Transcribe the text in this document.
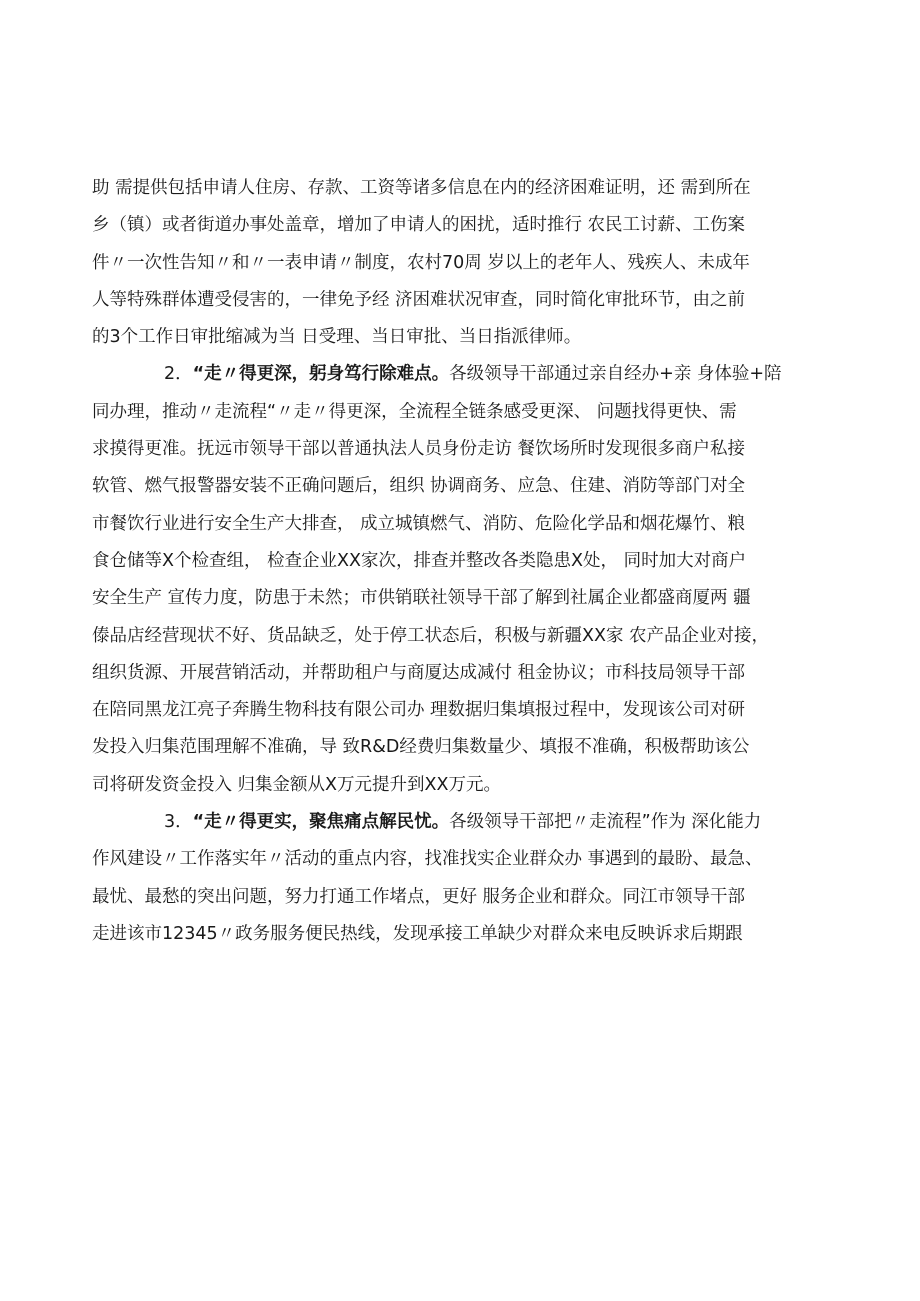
助 需提供包括申请人住房、存款、工资等诸多信息在内的经济困难证明，还 需到所在
乡（镇）或者街道办事处盖章，增加了申请人的困扰，适时推行 农民工讨薪、工伤案
件〃一次性告知〃和〃一表申请〃制度，农村70周 岁以上的老年人、残疾人、未成年
人等特殊群体遭受侵害的，一律免予经 济困难状况审查，同时简化审批环节，由之前
的3个工作日审批缩减为当 日受理、当日审批、当日指派律师。
2．“走〃得更深，躬身笃行除难点。各级领导干部通过亲自经办+亲 身体验+陪
同办理，推动〃走流程“〃走〃得更深，全流程全链条感受更深、 问题找得更快、需
求摸得更准。抚远市领导干部以普通执法人员身份走访 餐饮场所时发现很多商户私接
软管、燃气报警器安装不正确问题后，组织 协调商务、应急、住建、消防等部门对全
市餐饮行业进行安全生产大排查， 成立城镇燃气、消防、危险化学品和烟花爆竹、粮
食仓储等X个检查组， 检查企业XX家次，排查并整改各类隐患X处， 同时加大对商户
安全生产 宣传力度，防患于未然；市供销联社领导干部了解到社属企业都盛商厦两 疆
傣品店经营现状不好、货品缺乏，处于停工状态后，积极与新疆XX家 农产品企业对接，
组织货源、开展营销活动，并帮助租户与商厦达成减付 租金协议；市科技局领导干部
在陪同黑龙江亮子奔腾生物科技有限公司办 理数据归集填报过程中，发现该公司对研
发投入归集范围理解不准确，导 致R&D经费归集数量少、填报不准确，积极帮助该公
司将研发资金投入 归集金额从X万元提升到XX万元。
3．“走〃得更实，聚焦痛点解民忧。各级领导干部把〃走流程”作为 深化能力
作风建设〃工作落实年〃活动的重点内容，找准找实企业群众办 事遇到的最盼、最急、
最忧、最愁的突出问题，努力打通工作堵点，更好 服务企业和群众。同江市领导干部
走进该市12345〃政务服务便民热线，发现承接工单缺少对群众来电反映诉求后期跟
